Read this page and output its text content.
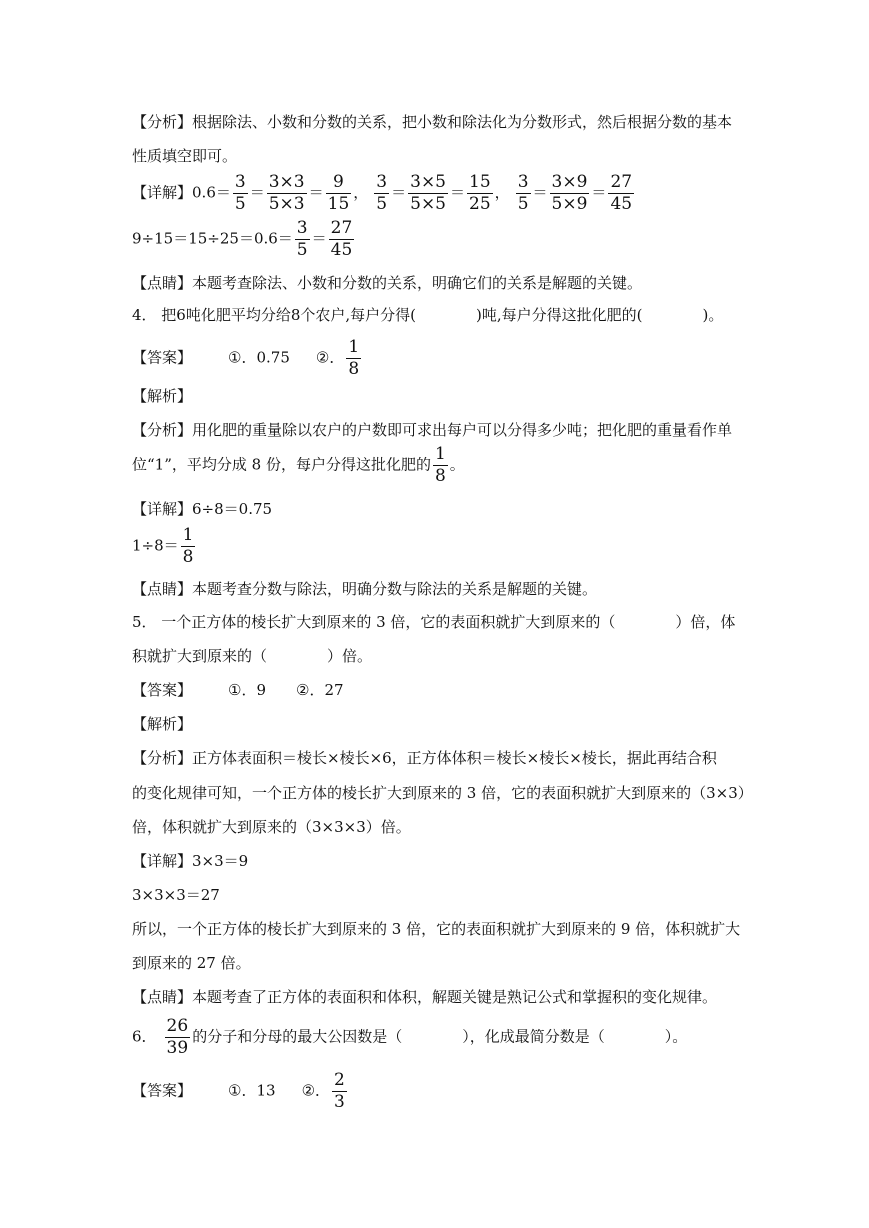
【分析】根据除法、小数和分数的关系，把小数和除法化为分数形式，然后根据分数的基本
性质填空即可。
【详解】$0.6= \frac{3}{5} = \frac{3\times 3}{5\times 3} = \frac{9}{15}$ ， $\frac{3}{5} = \frac{3\times 5}{5\times 5} = \frac{15}{25}$ ， $\frac{3}{5} = \frac{3\times 9}{5\times 9} = \frac{27}{45}$
$9\div 15=15\div 25=0.6= \frac{3}{5} = \frac{27}{45}$
【点睛】本题考查除法、小数和分数的关系，明确它们的关系是解题的关键。
4． 把6吨化肥平均分给8个农户,每户分得(　　　　)吨,每户分得这批化肥的(　　　　)。
【答案】 ①．0.75 ②． $\frac{1}{8}$
【解析】
【分析】用化肥的重量除以农户的户数即可求出每户可以分得多少吨；把化肥的重量看作单
位“1”，平均分成 8 份，每户分得这批化肥的 $\frac{1}{8}$ 。
【详解】6÷8＝0.75
$1\div 8= \frac{1}{8}$
【点睛】本题考查分数与除法，明确分数与除法的关系是解题的关键。
5． 一个正方体的棱长扩大到原来的 3 倍，它的表面积就扩大到原来的（　　　　）倍，体
积就扩大到原来的（　　　　）倍。
【答案】 ①．9 ②．27
【解析】
【分析】正方体表面积＝棱长×棱长×6，正方体体积＝棱长×棱长×棱长，据此再结合积
的变化规律可知，一个正方体的棱长扩大到原来的 3 倍，它的表面积就扩大到原来的（3×3）
倍，体积就扩大到原来的（3×3×3）倍。
【详解】3×3＝9
3×3×3＝27
所以，一个正方体的棱长扩大到原来的 3 倍，它的表面积就扩大到原来的 9 倍，体积就扩大
到原来的 27 倍。
【点睛】本题考查了正方体的表面积和体积，解题关键是熟记公式和掌握积的变化规律。
6． $\frac{26}{39}$ 的分子和分母的最大公因数是（　　　　），化成最简分数是（　　　　）。
【答案】 ①．13 ②． $\frac{2}{3}$
